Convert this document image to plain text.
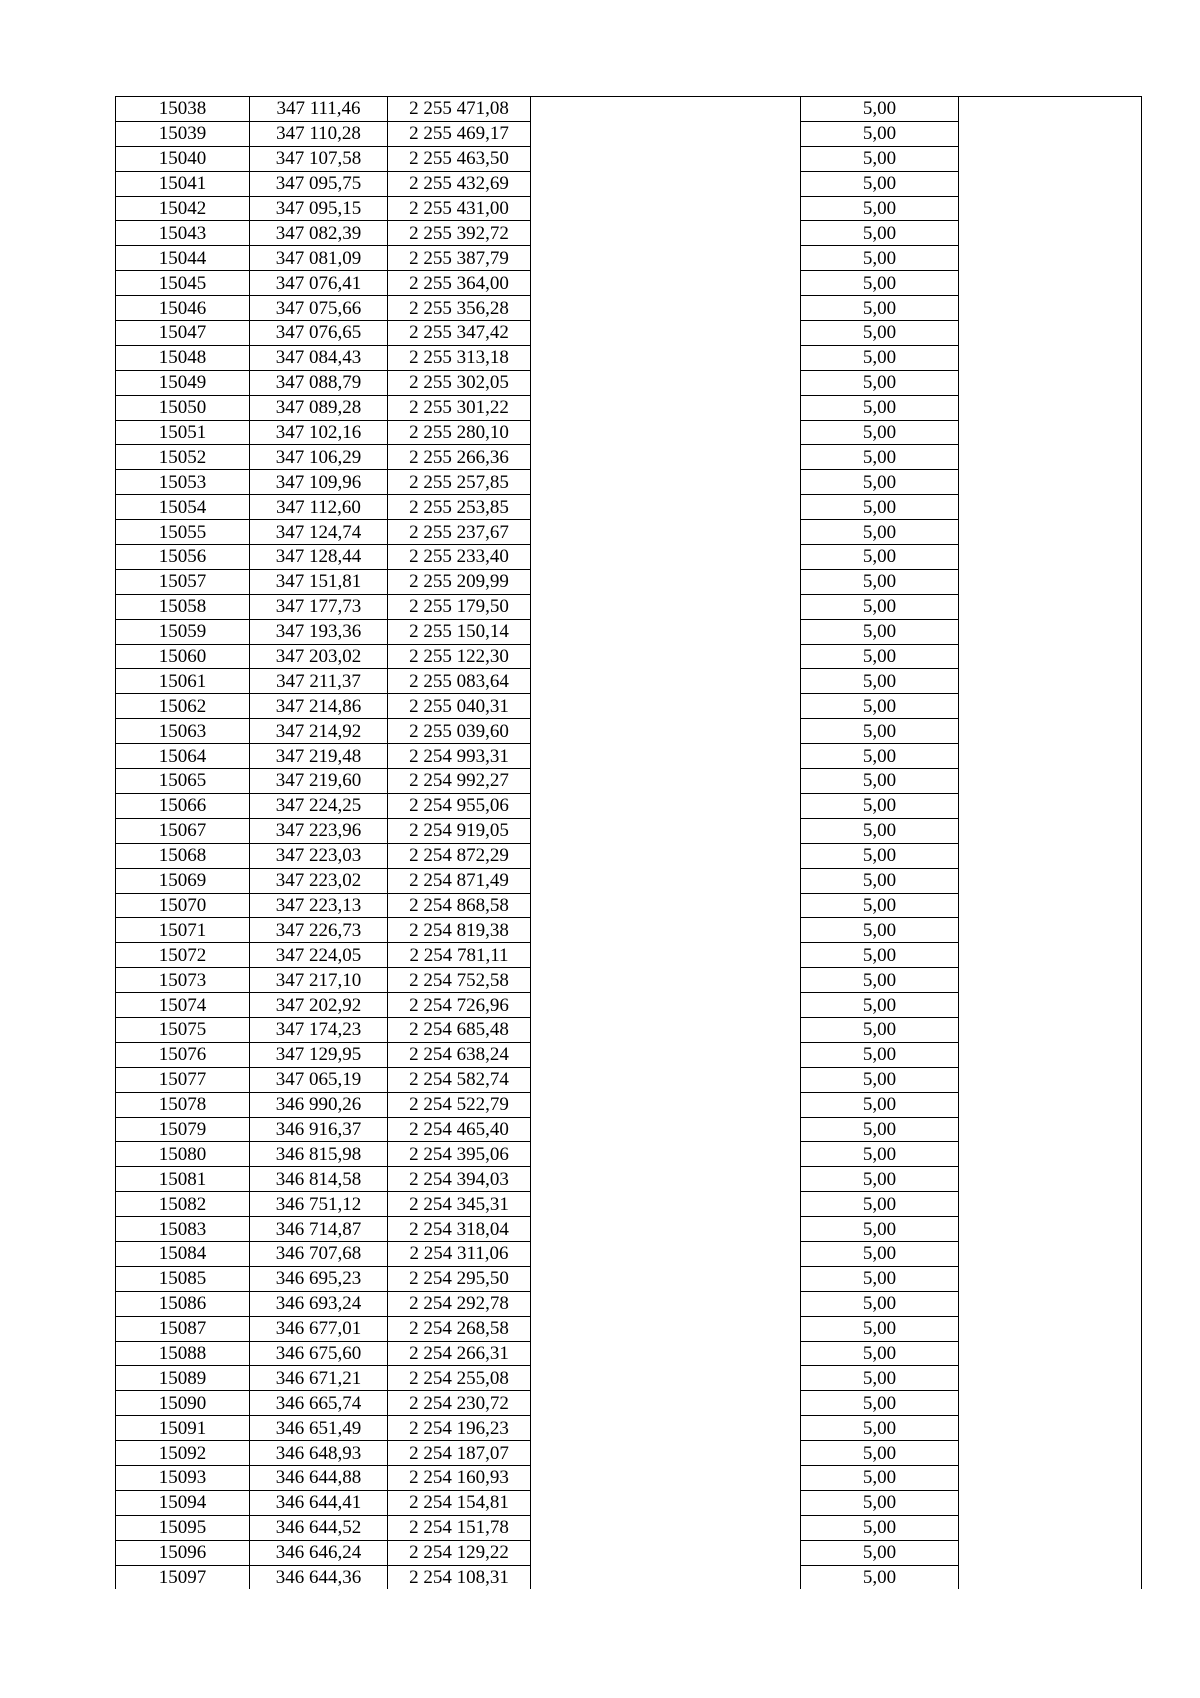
15038	347 111,46	2 255 471,08		5,00	
15039	347 110,28	2 255 469,17		5,00	
15040	347 107,58	2 255 463,50		5,00	
15041	347 095,75	2 255 432,69		5,00	
15042	347 095,15	2 255 431,00		5,00	
15043	347 082,39	2 255 392,72		5,00	
15044	347 081,09	2 255 387,79		5,00	
15045	347 076,41	2 255 364,00		5,00	
15046	347 075,66	2 255 356,28		5,00	
15047	347 076,65	2 255 347,42		5,00	
15048	347 084,43	2 255 313,18		5,00	
15049	347 088,79	2 255 302,05		5,00	
15050	347 089,28	2 255 301,22		5,00	
15051	347 102,16	2 255 280,10		5,00	
15052	347 106,29	2 255 266,36		5,00	
15053	347 109,96	2 255 257,85		5,00	
15054	347 112,60	2 255 253,85		5,00	
15055	347 124,74	2 255 237,67		5,00	
15056	347 128,44	2 255 233,40		5,00	
15057	347 151,81	2 255 209,99		5,00	
15058	347 177,73	2 255 179,50		5,00	
15059	347 193,36	2 255 150,14		5,00	
15060	347 203,02	2 255 122,30		5,00	
15061	347 211,37	2 255 083,64		5,00	
15062	347 214,86	2 255 040,31		5,00	
15063	347 214,92	2 255 039,60		5,00	
15064	347 219,48	2 254 993,31		5,00	
15065	347 219,60	2 254 992,27		5,00	
15066	347 224,25	2 254 955,06		5,00	
15067	347 223,96	2 254 919,05		5,00	
15068	347 223,03	2 254 872,29		5,00	
15069	347 223,02	2 254 871,49		5,00	
15070	347 223,13	2 254 868,58		5,00	
15071	347 226,73	2 254 819,38		5,00	
15072	347 224,05	2 254 781,11		5,00	
15073	347 217,10	2 254 752,58		5,00	
15074	347 202,92	2 254 726,96		5,00	
15075	347 174,23	2 254 685,48		5,00	
15076	347 129,95	2 254 638,24		5,00	
15077	347 065,19	2 254 582,74		5,00	
15078	346 990,26	2 254 522,79		5,00	
15079	346 916,37	2 254 465,40		5,00	
15080	346 815,98	2 254 395,06		5,00	
15081	346 814,58	2 254 394,03		5,00	
15082	346 751,12	2 254 345,31		5,00	
15083	346 714,87	2 254 318,04		5,00	
15084	346 707,68	2 254 311,06		5,00	
15085	346 695,23	2 254 295,50		5,00	
15086	346 693,24	2 254 292,78		5,00	
15087	346 677,01	2 254 268,58		5,00	
15088	346 675,60	2 254 266,31		5,00	
15089	346 671,21	2 254 255,08		5,00	
15090	346 665,74	2 254 230,72		5,00	
15091	346 651,49	2 254 196,23		5,00	
15092	346 648,93	2 254 187,07		5,00	
15093	346 644,88	2 254 160,93		5,00	
15094	346 644,41	2 254 154,81		5,00	
15095	346 644,52	2 254 151,78		5,00	
15096	346 646,24	2 254 129,22		5,00	
15097	346 644,36	2 254 108,31		5,00	
